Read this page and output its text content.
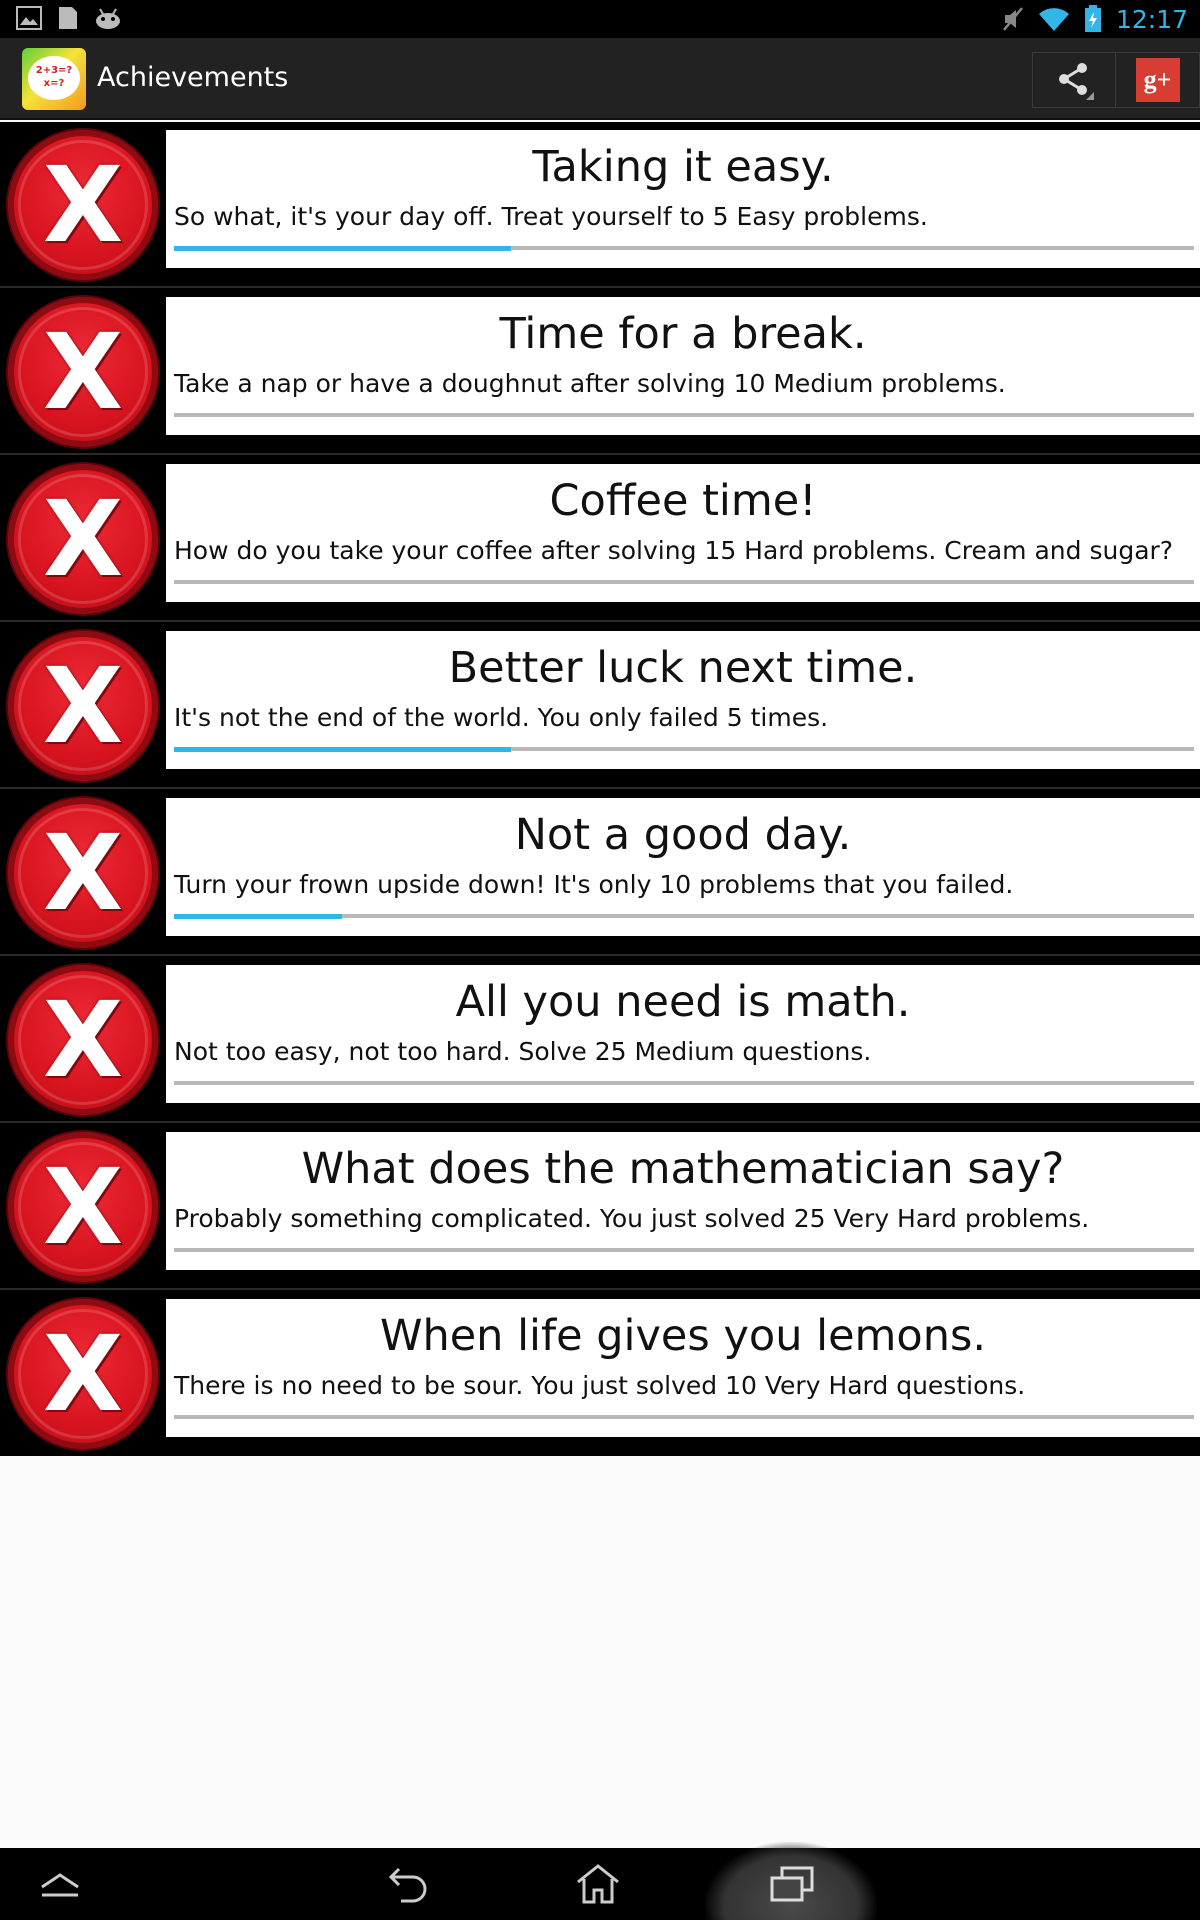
12:17
2+3=?
x=?	Achievements	g+
X	Taking it easy.
So what, it's your day off. Treat yourself to 5 Easy problems.
X	Time for a break.
Take a nap or have a doughnut after solving 10 Medium problems.
X	Coffee time!
How do you take your coffee after solving 15 Hard problems. Cream and sugar?
X	Better luck next time.
It's not the end of the world. You only failed 5 times.
X	Not a good day.
Turn your frown upside down! It's only 10 problems that you failed.
X	All you need is math.
Not too easy, not too hard. Solve 25 Medium questions.
X	What does the mathematician say?
Probably something complicated. You just solved 25 Very Hard problems.
X	When life gives you lemons.
There is no need to be sour. You just solved 10 Very Hard questions.
